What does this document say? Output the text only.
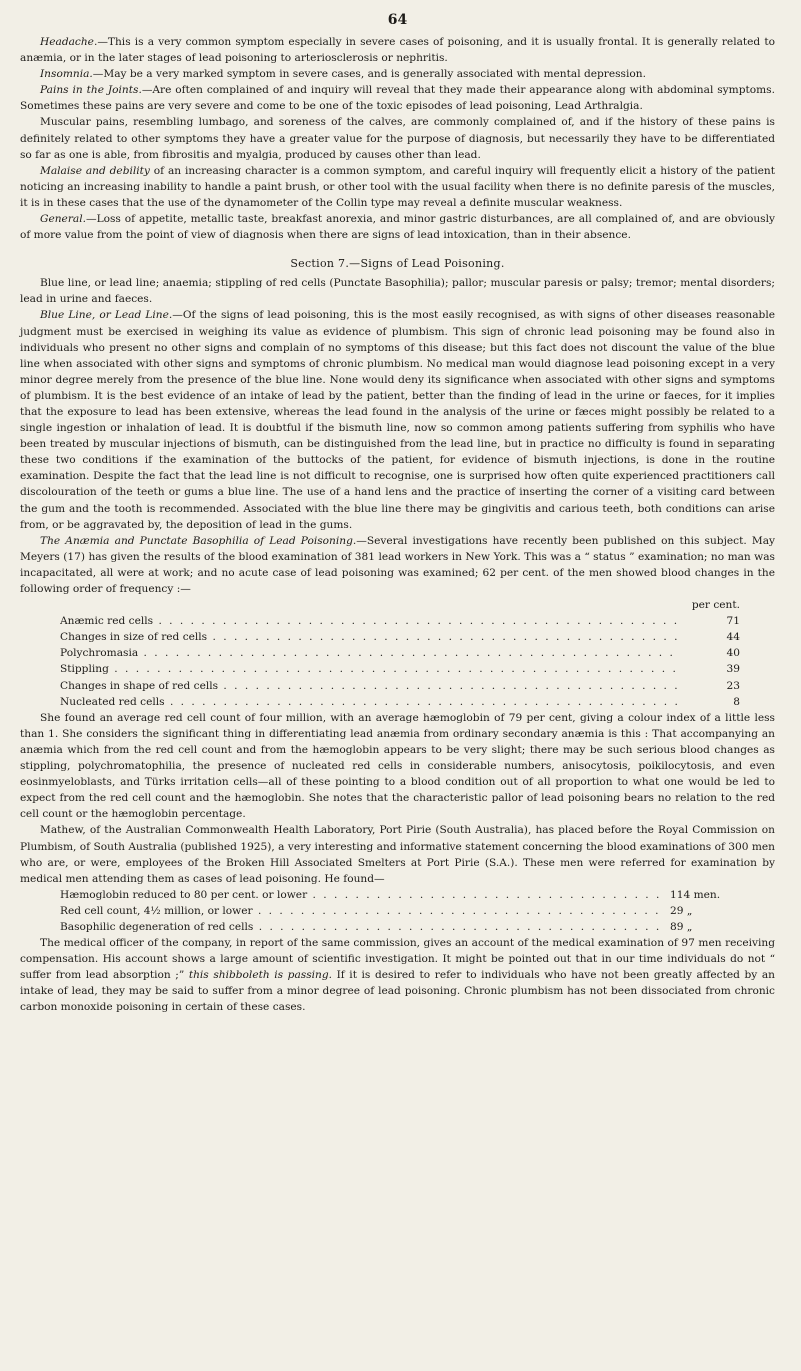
64

Headache.—This is a very common symptom especially in severe cases of poisoning, and it is usually frontal. It is generally related to anæmia, or in the later stages of lead poisoning to arteriosclerosis or nephritis.

Insomnia.—May be a very marked symptom in severe cases, and is generally associated with mental depression.

Pains in the Joints.—Are often complained of and inquiry will reveal that they made their appearance along with abdominal symptoms. Sometimes these pains are very severe and come to be one of the toxic episodes of lead poisoning, Lead Arthralgia.

Muscular pains, resembling lumbago, and soreness of the calves, are commonly complained of, and if the history of these pains is definitely related to other symptoms they have a greater value for the purpose of diagnosis, but necessarily they have to be differentiated so far as one is able, from fibrositis and myalgia, produced by causes other than lead.

Malaise and debility of an increasing character is a common symptom, and careful inquiry will frequently elicit a history of the patient noticing an increasing inability to handle a paint brush, or other tool with the usual facility when there is no definite paresis of the muscles, it is in these cases that the use of the dynamometer of the Collin type may reveal a definite muscular weakness.

General.—Loss of appetite, metallic taste, breakfast anorexia, and minor gastric disturbances, are all complained of, and are obviously of more value from the point of view of diagnosis when there are signs of lead intoxication, than in their absence.

Section 7.—Signs of Lead Poisoning.

Blue line, or lead line; anaemia; stippling of red cells (Punctate Basophilia); pallor; muscular paresis or palsy; tremor; mental disorders; lead in urine and faeces.

Blue Line, or Lead Line.—Of the signs of lead poisoning, this is the most easily recognised, as with signs of other diseases reasonable judgment must be exercised in weighing its value as evidence of plumbism. This sign of chronic lead poisoning may be found also in individuals who present no other signs and complain of no symptoms of this disease; but this fact does not discount the value of the blue line when associated with other signs and symptoms of chronic plumbism. No medical man would diagnose lead poisoning except in a very minor degree merely from the presence of the blue line. None would deny its significance when associated with other signs and symptoms of plumbism. It is the best evidence of an intake of lead by the patient, better than the finding of lead in the urine or faeces, for it implies that the exposure to lead has been extensive, whereas the lead found in the analysis of the urine or fæces might possibly be related to a single ingestion or inhalation of lead. It is doubtful if the bismuth line, now so common among patients suffering from syphilis who have been treated by muscular injections of bismuth, can be distinguished from the lead line, but in practice no difficulty is found in separating these two conditions if the examination of the buttocks of the patient, for evidence of bismuth injections, is done in the routine examination. Despite the fact that the lead line is not difficult to recognise, one is surprised how often quite experienced practitioners call discolouration of the teeth or gums a blue line. The use of a hand lens and the practice of inserting the corner of a visiting card between the gum and the tooth is recommended. Associated with the blue line there may be gingivitis and carious teeth, both conditions can arise from, or be aggravated by, the deposition of lead in the gums.

The Anæmia and Punctate Basophilia of Lead Poisoning.—Several investigations have recently been published on this subject. May Meyers (17) has given the results of the blood examination of 381 lead workers in New York. This was a “ status ” examination; no man was incapacitated, all were at work; and no acute case of lead poisoning was examined; 62 per cent. of the men showed blood changes in the following order of frequency :—

per cent.
Anæmic red cells . . .	71
Changes in size of red cells . . .	44
Polychromasia . . .	40
Stippling . . .	39
Changes in shape of red cells . . .	23
Nucleated red cells . . .	8

She found an average red cell count of four million, with an average hæmoglobin of 79 per cent, giving a colour index of a little less than 1. She considers the significant thing in differentiating lead anæmia from ordinary secondary anæmia is this : That accompanying an anæmia which from the red cell count and from the hæmoglobin appears to be very slight; there may be such serious blood changes as stippling, polychromatophilia, the presence of nucleated red cells in considerable numbers, anisocytosis, poikilocytosis, and even eosinmyeloblasts, and Türks irritation cells—all of these pointing to a blood condition out of all proportion to what one would be led to expect from the red cell count and the hæmoglobin. She notes that the characteristic pallor of lead poisoning bears no relation to the red cell count or the hæmoglobin percentage.

Mathew, of the Australian Commonwealth Health Laboratory, Port Pirie (South Australia), has placed before the Royal Commission on Plumbism, of South Australia (published 1925), a very interesting and informative statement concerning the blood examinations of 300 men who are, or were, employees of the Broken Hill Associated Smelters at Port Pirie (S.A.). These men were referred for examination by medical men attending them as cases of lead poisoning. He found—

Hæmoglobin reduced to 80 per cent. or lower . . .	114 men.
Red cell count, 4½ million, or lower . . .	29 „
Basophilic degeneration of red cells . . .	89 „

The medical officer of the company, in report of the same commission, gives an account of the medical examination of 97 men receiving compensation. His account shows a large amount of scientific investigation. It might be pointed out that in our time individuals do not “ suffer from lead absorption ;” this shibboleth is passing. If it is desired to refer to individuals who have not been greatly affected by an intake of lead, they may be said to suffer from a minor degree of lead poisoning. Chronic plumbism has not been dissociated from chronic carbon monoxide poisoning in certain of these cases.
